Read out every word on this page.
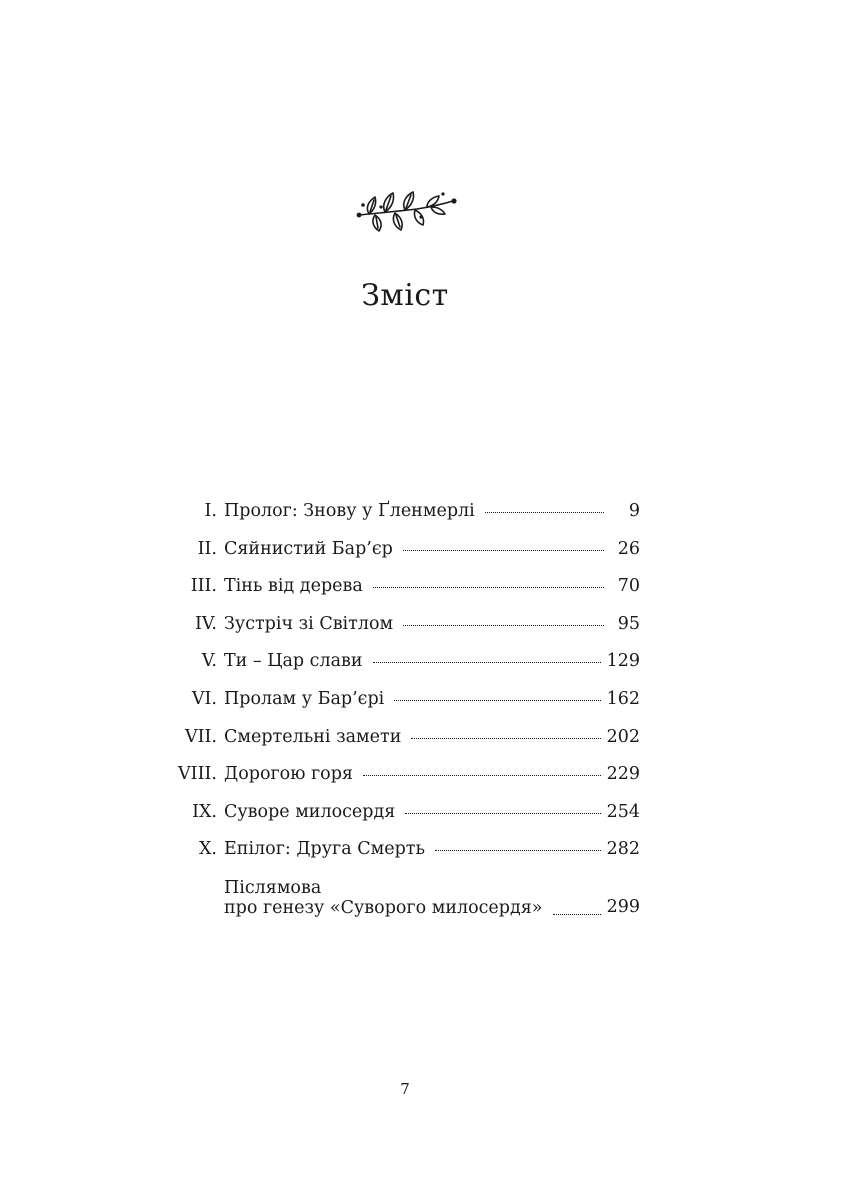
Зміст
I. Пролог: Знову у Ґленмерлі	9
II. Сяйнистий Бар’єр	26
III. Тінь від дерева	70
IV. Зустріч зі Світлом	95
V. Ти – Цар слави	129
VI. Пролам у Бар’єрі	162
VII. Смертельні замети	202
VIII. Дорогою горя	229
IX. Суворе милосердя	254
X. Епілог: Друга Смерть	282
Післямова
про генезу «Суворого милосердя»	299
7
